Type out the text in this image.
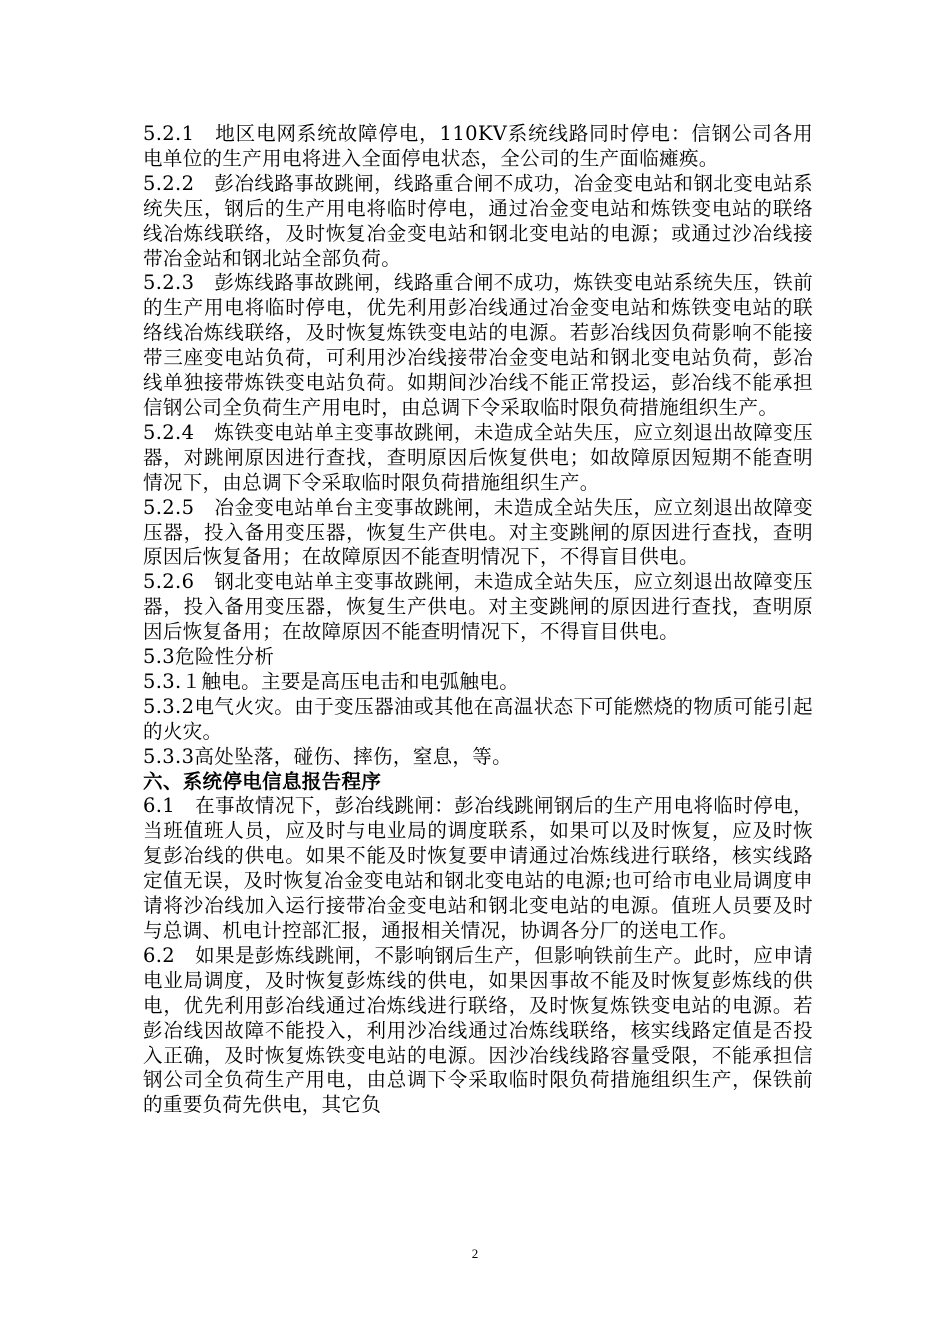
5.2.1　地区电网系统故障停电，110KV系统线路同时停电：信钢公司各用电单位的生产用电将进入全面停电状态，全公司的生产面临瘫痪。

5.2.2　彭冶线路事故跳闸，线路重合闸不成功，冶金变电站和钢北变电站系统失压，钢后的生产用电将临时停电，通过冶金变电站和炼铁变电站的联络线冶炼线联络，及时恢复冶金变电站和钢北变电站的电源；或通过沙冶线接带冶金站和钢北站全部负荷。

5.2.3　彭炼线路事故跳闸，线路重合闸不成功，炼铁变电站系统失压，铁前的生产用电将临时停电，优先利用彭冶线通过冶金变电站和炼铁变电站的联络线冶炼线联络，及时恢复炼铁变电站的电源。若彭冶线因负荷影响不能接带三座变电站负荷，可利用沙冶线接带冶金变电站和钢北变电站负荷，彭冶线单独接带炼铁变电站负荷。如期间沙冶线不能正常投运，彭冶线不能承担信钢公司全负荷生产用电时，由总调下令采取临时限负荷措施组织生产。

5.2.4　炼铁变电站单主变事故跳闸，未造成全站失压，应立刻退出故障变压器，对跳闸原因进行查找，查明原因后恢复供电；如故障原因短期不能查明情况下，由总调下令采取临时限负荷措施组织生产。

5.2.5　冶金变电站单台主变事故跳闸，未造成全站失压，应立刻退出故障变压器，投入备用变压器，恢复生产供电。对主变跳闸的原因进行查找，查明原因后恢复备用；在故障原因不能查明情况下，不得盲目供电。

5.2.6　钢北变电站单主变事故跳闸，未造成全站失压，应立刻退出故障变压器，投入备用变压器，恢复生产供电。对主变跳闸的原因进行查找，查明原因后恢复备用；在故障原因不能查明情况下，不得盲目供电。

5.3危险性分析

5.3.１触电。主要是高压电击和电弧触电。

5.3.2电气火灾。由于变压器油或其他在高温状态下可能燃烧的物质可能引起的火灾。

5.3.3高处坠落，碰伤、摔伤，窒息，等。

六、系统停电信息报告程序

6.1　在事故情况下，彭冶线跳闸：彭冶线跳闸钢后的生产用电将临时停电，当班值班人员，应及时与电业局的调度联系，如果可以及时恢复，应及时恢复彭冶线的供电。如果不能及时恢复要申请通过冶炼线进行联络，核实线路定值无误，及时恢复冶金变电站和钢北变电站的电源;也可给市电业局调度申请将沙冶线加入运行接带冶金变电站和钢北变电站的电源。值班人员要及时与总调、机电计控部汇报，通报相关情况，协调各分厂的送电工作。

6.2　如果是彭炼线跳闸，不影响钢后生产，但影响铁前生产。此时，应申请电业局调度，及时恢复彭炼线的供电，如果因事故不能及时恢复彭炼线的供电，优先利用彭冶线通过冶炼线进行联络，及时恢复炼铁变电站的电源。若彭冶线因故障不能投入，利用沙冶线通过冶炼线联络，核实线路定值是否投入正确，及时恢复炼铁变电站的电源。因沙冶线线路容量受限，不能承担信钢公司全负荷生产用电，由总调下令采取临时限负荷措施组织生产，保铁前的重要负荷先供电，其它负

2
